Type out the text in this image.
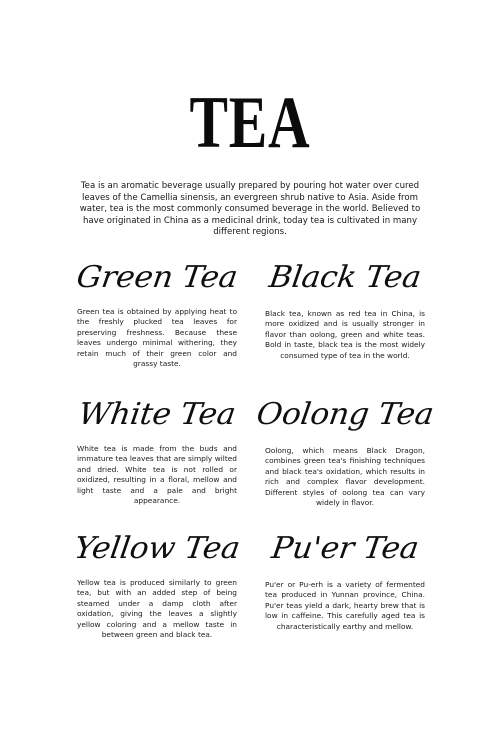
TEA
Tea is an aromatic beverage usually prepared by pouring hot water over cured leaves of the Camellia sinensis, an evergreen shrub native to Asia. Aside from water, tea is the most commonly consumed beverage in the world. Believed to have originated in China as a medicinal drink, today tea is cultivated in many different regions.
Green Tea
Green tea is obtained by applying heat to the freshly plucked tea leaves for preserving freshness. Because these leaves undergo minimal withering, they retain much of their green color and grassy taste.
Black Tea
Black tea, known as red tea in China, is more oxidized and is usually stronger in flavor than oolong, green and white teas. Bold in taste, black tea is the most widely consumed type of tea in the world.
White Tea
White tea is made from the buds and immature tea leaves that are simply wilted and dried. White tea is not rolled or oxidized, resulting in a floral, mellow and light taste and a pale and bright appearance.
Oolong Tea
Oolong, which means Black Dragon, combines green tea's finishing techniques and black tea's oxidation, which results in rich and complex flavor development. Different styles of oolong tea can vary widely in flavor.
Yellow Tea
Yellow tea is produced similarly to green tea, but with an added step of being steamed under a damp cloth after oxidation, giving the leaves a slightly yellow coloring and a mellow taste in between green and black tea.
Pu'er Tea
Pu'er or Pu-erh is a variety of fermented tea produced in Yunnan province, China. Pu'er teas yield a dark, hearty brew that is low in caffeine. This carefully aged tea is characteristically earthy and mellow.
